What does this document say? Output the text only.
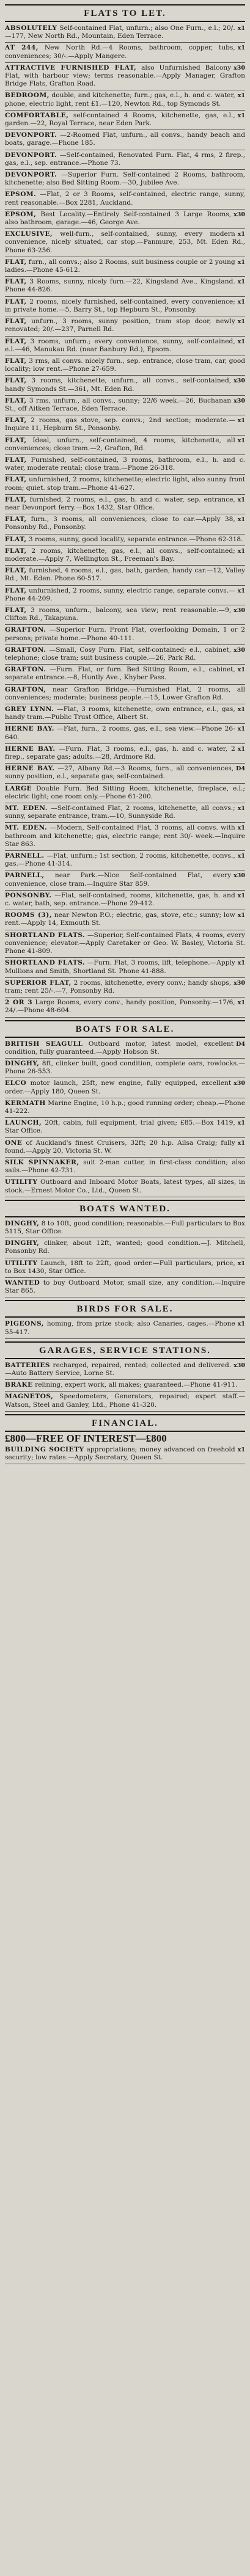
FLATS TO LET.

x1
ABSOLUTELY Self-contained Flat, unfurn.; also One Furn., e.l.; 20/.—177, New North Rd., Mountain, Eden Terrace.

x1
AT 244, New North Rd.—4 Rooms, bathroom, copper, tubs, conveniences; 30/-.—Apply Mangere.

x30
ATTRACTIVE FURNISHED FLAT, also Unfurnished Balcony Flat, with harbour view; terms reasonable.—Apply Manager, Grafton Bridge Flats, Grafton Road.

x1
BEDROOM, double, and kitchenette; furn.; gas, e.l., h. and c. water, phone, electric light, rent £1.—120, Newton Rd., top Symonds St.

x1
COMFORTABLE, self-contained 4 Rooms, kitchenette, gas, e.l., garden.—22, Royal Terrace, near Eden Park.

DEVONPORT. —2-Roomed Flat, unfurn., all convs., handy beach and boats, garage.—Phone 185.

DEVONPORT. —Self-contained, Renovated Furn. Flat, 4 rms, 2 firep., gas, e.l., sep. entrance.—Phone 73.

DEVONPORT. —Superior Furn. Self-contained 2 Rooms, bathroom, kitchenette; also Bed Sitting Room.—30, Jubilee Ave.

EPSOM. —Flat, 2 or 3 Rooms, self-contained, electric range, sunny, rent reasonable.—Box 2281, Auckland.

x30
EPSOM, Best Locality.—Entirely Self-contained 3 Large Rooms, also bathroom, garage.—46, George Ave.

x1
EXCLUSIVE, well-furn., self-contained, sunny, every modern convenience, nicely situated, car stop.—Panmure, 253, Mt. Eden Rd., Phone 63-256.

x1
FLAT, furn., all convs.; also 2 Rooms, suit business couple or 2 young ladies.—Phone 45-612.

x1
FLAT, 3 Rooms, sunny, nicely furn.—22, Kingsland Ave., Kingsland. Phone 44-826.

x1
FLAT, 2 rooms, nicely furnished, self-contained, every convenience; in private home.—5, Barry St., top Hepburn St., Ponsonby.

x1
FLAT, unfurn., 3 rooms, sunny position, tram stop door, newly renovated; 20/.—237, Parnell Rd.

x1
FLAT, 3 rooms, unfurn.; every convenience, sunny, self-contained, e.l.—46, Manukau Rd. (near Banbury Rd.), Epsom.

FLAT, 3 rms, all convs. nicely furn., sep. entrance, close tram, car, good locality; low rent.—Phone 27-659.

x30
FLAT, 3 rooms, kitchenette, unfurn., all convs., self-contained, handy Symonds St.—361, Mt. Eden Rd.

x30
FLAT, 3 rms, unfurn., all convs., sunny; 22/6 week.—26, Buchanan St., off Aitken Terrace, Eden Terrace.

x1
FLAT, 2 rooms, gas stove, sep. convs.; 2nd section; moderate.—Inquire 11, Hepburn St., Ponsonby.

x1
FLAT, Ideal, unfurn., self-contained, 4 rooms, kitchenette, all conveniences; close tram.—2, Grafton, Rd.

FLAT, Furnished, self-contained, 3 rooms, bathroom, e.l., h. and c. water, moderate rental; close tram.—Phone 26-318.

FLAT, unfurnished, 2 rooms, kitchenette; electric light, also sunny front room; quiet. stop tram.—Phone 41-627.

x1
FLAT, furnished, 2 rooms, e.l., gas, h. and c. water, sep. entrance, near Devonport ferry.—Box 1432, Star Office.

x1
FLAT, furn., 3 rooms, all conveniences, close to car.—Apply 38, Ponsonby Rd., Ponsonby.

FLAT, 3 rooms, sunny, good locality, separate entrance.—Phone 62-318.

x1
FLAT, 2 rooms, kitchenette, gas, e.l., all convs., self-contained; moderate.—Apply 7, Wellington St., Freeman's Bay.

FLAT, furnished, 4 rooms, e.l., gas, bath, garden, handy car.—12, Valley Rd., Mt. Eden. Phone 60-517.

x1
FLAT, unfurnished, 2 rooms, sunny, electric range, separate convs.—Phone 44-209.

x30
FLAT, 3 rooms, unfurn., balcony, sea view; rent reasonable.—9, Clifton Rd., Takapuna.

GRAFTON. —Superior Furn. Front Flat, overlooking Domain, 1 or 2 persons; private home.—Phone 40-111.

x30
GRAFTON. —Small, Cosy Furn. Flat, self-contained; e.l., cabinet, telephone; close tram; suit business couple.—26, Park Rd.

x1
GRAFTON. —Furn. Flat, or furn. Bed Sitting Room, e.l., cabinet, separate entrance.—8, Huntly Ave., Khyber Pass.

GRAFTON, near Grafton Bridge.—Furnished Flat, 2 rooms, all conveniences; moderate; business people.—15, Lower Grafton Rd.

x1
GREY LYNN. —Flat, 3 rooms, kitchenette, own entrance, e.l., gas, handy tram.—Public Trust Office, Albert St.

x1
HERNE BAY. —Flat, furn., 2 rooms, gas, e.l., sea view.—Phone 26-640.

x1
HERNE BAY. —Furn. Flat, 3 rooms, e.l., gas, h. and c. water, 2 firep., separate gas; adults.—28, Ardmore Rd.

D4
HERNE BAY. —27, Albany Rd.—3 Rooms, furn., all conveniences, sunny position, e.l., separate gas; self-contained.

LARGE Double Furn. Bed Sitting Room, kitchenette, fireplace, e.l.; electric light; one room only.—Phone 61-200.

x1
MT. EDEN. —Self-contained Flat, 2 rooms, kitchenette, all convs.; sunny, separate entrance, tram.—10, Sunnyside Rd.

x1
MT. EDEN. —Modern, Self-contained Flat, 3 rooms, all convs. with bathroom and kitchenette; gas, electric range; rent 30/- week.—Inquire Star 863.

x1
PARNELL. —Flat, unfurn.; 1st section, 2 rooms, kitchenette, convs., gas.—Phone 41-314.

x30
PARNELL, near Park.—Nice Self-contained Flat, every convenience, close tram.—Inquire Star 859.

x1
PONSONBY. —Flat, self-contained, rooms, kitchenette, gas, h. and c. water, bath, sep. entrance.—Phone 29-412.

x1
ROOMS (3), near Newton P.O.; electric, gas, stove, etc.; sunny; low rent.—Apply 14, Exmouth St.

SHORTLAND FLATS. —Superior, Self-contained Flats, 4 rooms, every convenience; elevator.—Apply Caretaker or Geo. W. Basley, Victoria St. Phone 41-809.

x1
SHORTLAND FLATS. —Furn. Flat, 3 rooms, lift, telephone.—Apply Mullions and Smith, Shortland St. Phone 41-888.

x30
SUPERIOR FLAT, 2 rooms, kitchenette, every conv.; handy shops, tram; rent 25/-.—7, Ponsonby Rd.

x1
2 OR 3 Large Rooms, every conv., handy position, Ponsonby.—17/6, 24/.—Phone 48-604.

BOATS FOR SALE.

D4
BRITISH SEAGULL Outboard motor, latest model, excellent condition, fully guaranteed.—Apply Hobson St.

DINGHY, 8ft, clinker built, good condition, complete oars, rowlocks.—Phone 26-553.

x30
ELCO motor launch, 25ft, new engine, fully equipped, excellent order.—Apply 180, Queen St.

KERMATH Marine Engine, 10 h.p.; good running order; cheap.—Phone 41-222.

x1
LAUNCH, 20ft, cabin, full equipment, trial given; £85.—Box 1419, Star Office.

x1
ONE of Auckland's finest Cruisers, 32ft; 20 h.p. Ailsa Craig; fully found.—Apply 20, Victoria St. W.

SILK SPINNAKER, suit 2-man cutter, in first-class condition; also sails.—Phone 42-731.

UTILITY Outboard and Inboard Motor Boats, latest types, all sizes, in stock.—Ernest Motor Co., Ltd., Queen St.

BOATS WANTED.

DINGHY, 8 to 10ft, good condition; reasonable.—Full particulars to Box 5115, Star Office.

DINGHY, clinker, about 12ft, wanted; good condition.—J. Mitchell, Ponsonby Rd.

x1
UTILITY Launch, 18ft to 22ft, good order.—Full particulars, price, to Box 1430, Star Office.

WANTED to buy Outboard Motor, small size, any condition.—Inquire Star 865.

BIRDS FOR SALE.

x1
PIGEONS, homing, from prize stock; also Canaries, cages.—Phone 55-417.

GARAGES, SERVICE STATIONS.

x30
BATTERIES recharged, repaired, rented; collected and delivered.—Auto Battery Service, Lorne St.

BRAKE relining, expert work, all makes; guaranteed.—Phone 41-911.

MAGNETOS, Speedometers, Generators, repaired; expert staff.—Watson, Steel and Ganley, Ltd., Phone 41-320.

FINANCIAL.
£800—FREE OF INTEREST—£800

x1
BUILDING SOCIETY appropriations; money advanced on freehold security; low rates.—Apply Secretary, Queen St.
